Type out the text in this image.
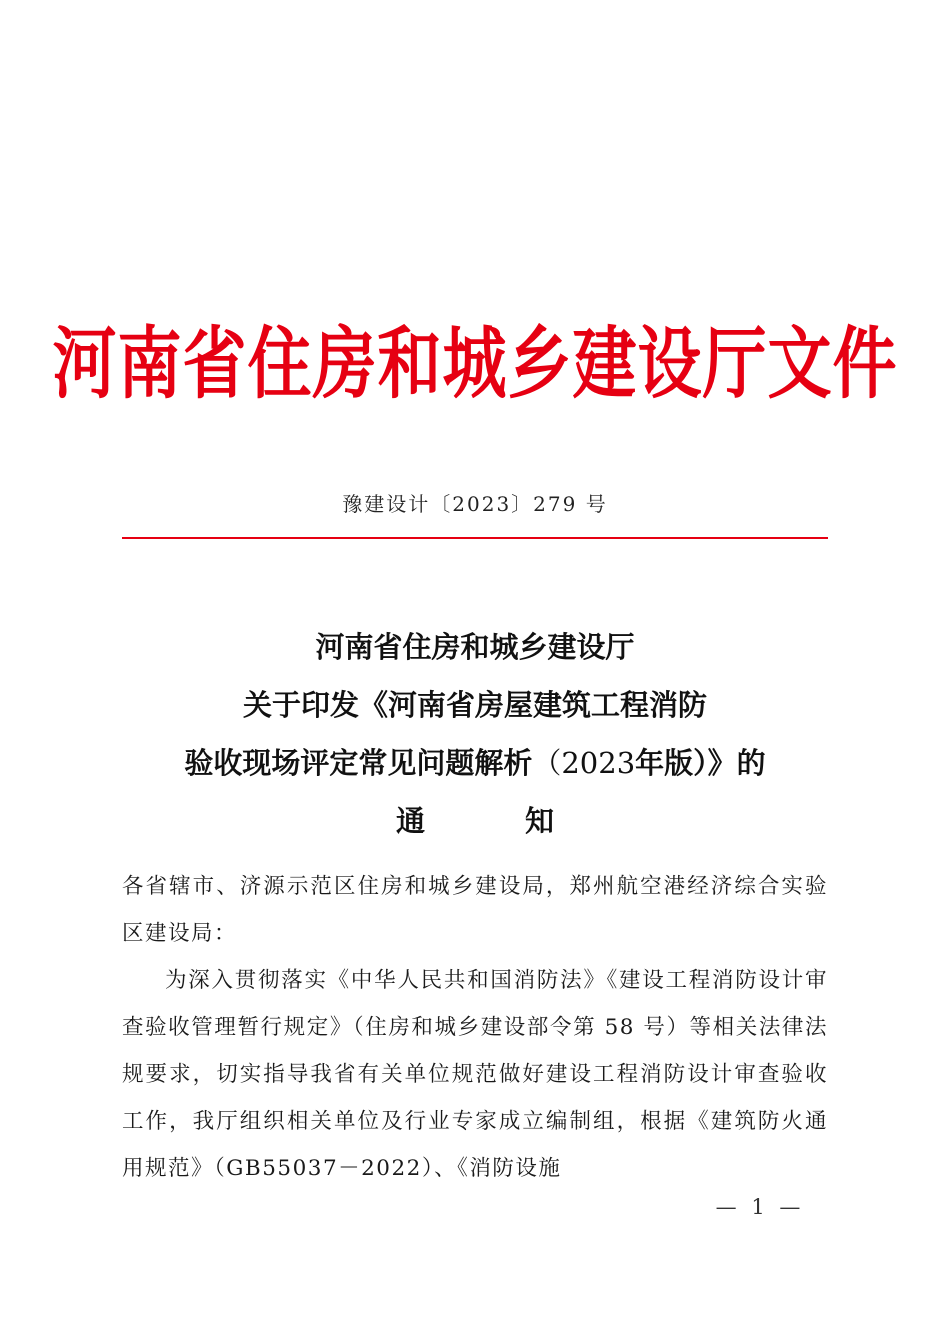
河南省住房和城乡建设厅文件
豫建设计〔2023〕279 号
河南省住房和城乡建设厅
关于印发《河南省房屋建筑工程消防
验收现场评定常见问题解析（2023年版）》的
通	知

各省辖市、济源示范区住房和城乡建设局，郑州航空港经济综合实验区建设局：

为深入贯彻落实《中华人民共和国消防法》《建设工程消防设计审查验收管理暂行规定》（住房和城乡建设部令第 58 号）等相关法律法规要求，切实指导我省有关单位规范做好建设工程消防设计审查验收工作，我厅组织相关单位及行业专家成立编制组，根据《建筑防火通用规范》（GB55037－2022）、《消防设施

— 1 —
